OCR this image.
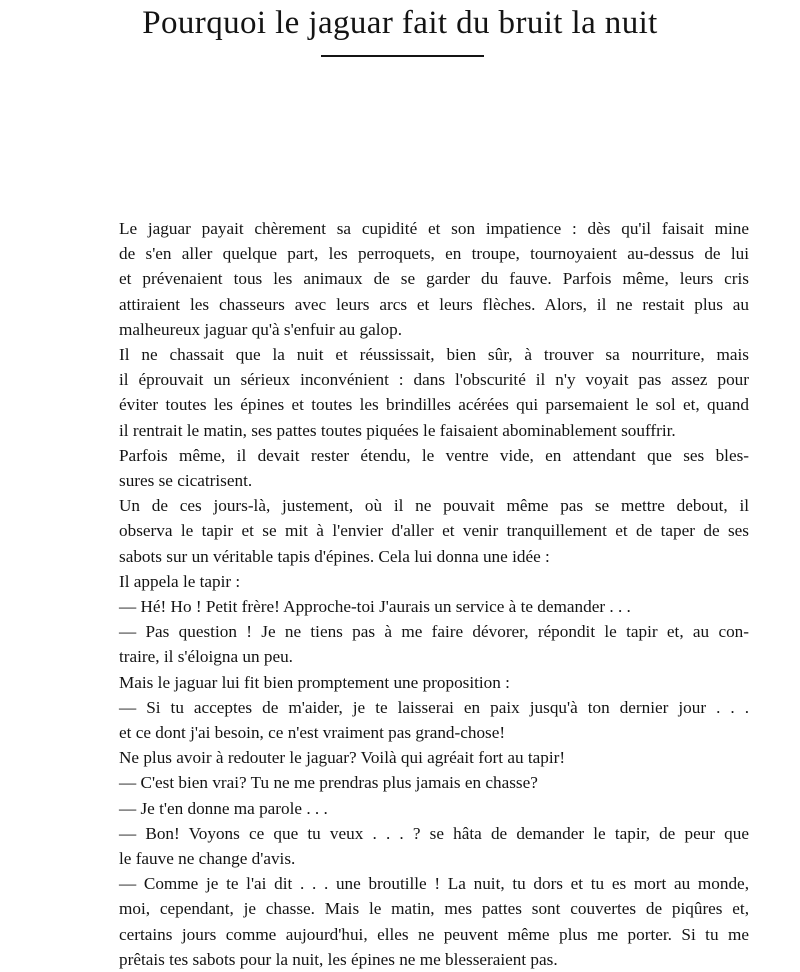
Pourquoi le jaguar fait du bruit la nuit

Le jaguar payait chèrement sa cupidité et son impatience : dès qu'il faisait mine
de s'en aller quelque part, les perroquets, en troupe, tournoyaient au-dessus de lui
et prévenaient tous les animaux de se garder du fauve. Parfois même, leurs cris
attiraient les chasseurs avec leurs arcs et leurs flèches. Alors, il ne restait plus au
malheureux jaguar qu'à s'enfuir au galop.

Il ne chassait que la nuit et réussissait, bien sûr, à trouver sa nourriture, mais
il éprouvait un sérieux inconvénient : dans l'obscurité il n'y voyait pas assez pour
éviter toutes les épines et toutes les brindilles acérées qui parsemaient le sol et, quand
il rentrait le matin, ses pattes toutes piquées le faisaient abominablement souffrir.

Parfois même, il devait rester étendu, le ventre vide, en attendant que ses bles-
sures se cicatrisent.

Un de ces jours-là, justement, où il ne pouvait même pas se mettre debout, il
observa le tapir et se mit à l'envier d'aller et venir tranquillement et de taper de ses
sabots sur un véritable tapis d'épines. Cela lui donna une idée :

Il appela le tapir :

— Hé! Ho ! Petit frère! Approche-toi J'aurais un service à te demander . . .

— Pas question ! Je ne tiens pas à me faire dévorer, répondit le tapir et, au con-
traire, il s'éloigna un peu.

Mais le jaguar lui fit bien promptement une proposition :

— Si tu acceptes de m'aider, je te laisserai en paix jusqu'à ton dernier jour . . .
et ce dont j'ai besoin, ce n'est vraiment pas grand-chose!

Ne plus avoir à redouter le jaguar? Voilà qui agréait fort au tapir!

— C'est bien vrai? Tu ne me prendras plus jamais en chasse?

— Je t'en donne ma parole . . .

— Bon! Voyons ce que tu veux . . . ? se hâta de demander le tapir, de peur que
le fauve ne change d'avis.

— Comme je te l'ai dit . . . une broutille ! La nuit, tu dors et tu es mort au monde,
moi, cependant, je chasse. Mais le matin, mes pattes sont couvertes de piqûres et,
certains jours comme aujourd'hui, elles ne peuvent même plus me porter. Si tu me
prêtais tes sabots pour la nuit, les épines ne me blesseraient pas.
